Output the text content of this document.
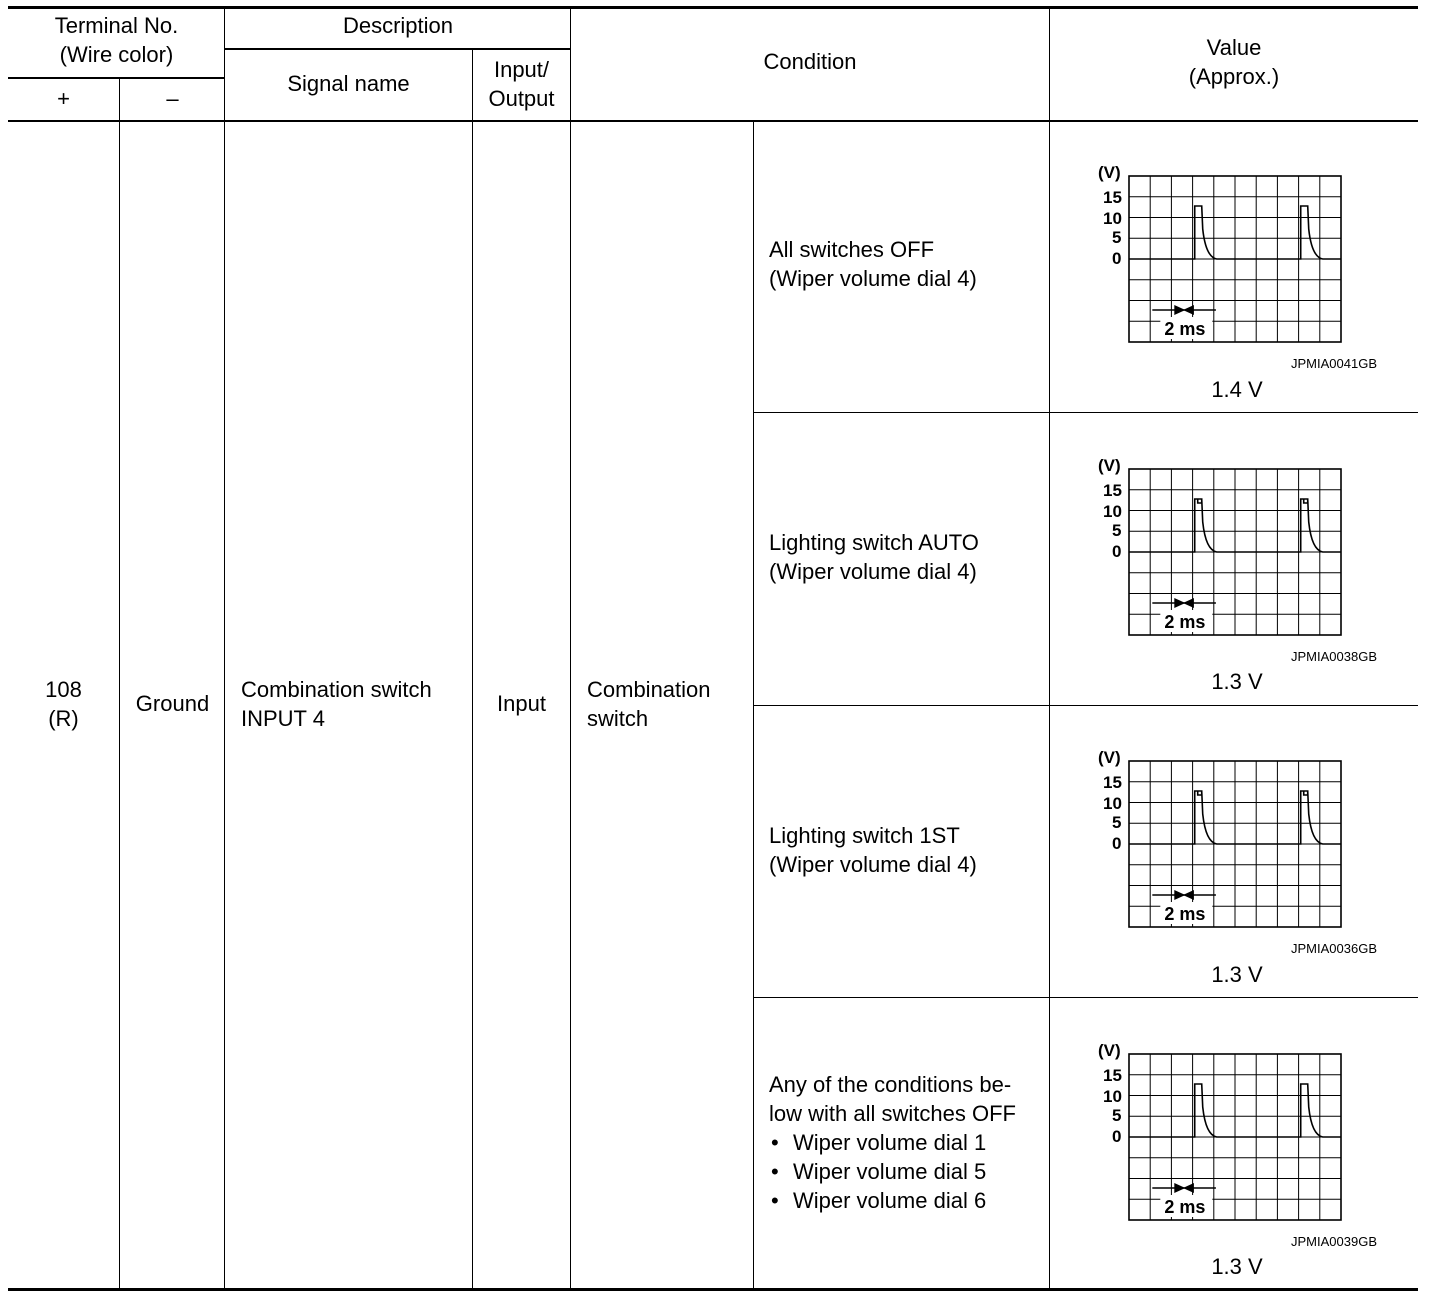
Terminal No.
(Wire color)
+	–
Description
Signal name
Input/
Output
Condition
Value
(Approx.)
108
(R)
Ground
Combination switch
INPUT 4
Input
Combination
switch
All switches OFF
(Wiper volume dial 4)
(V)
15
10
5
0
2 ms
JPMIA0041GB
1.4 V
Lighting switch AUTO
(Wiper volume dial 4)
(V)
15
10
5
0
2 ms
JPMIA0038GB
1.3 V
Lighting switch 1ST
(Wiper volume dial 4)
(V)
15
10
5
0
2 ms
JPMIA0036GB
1.3 V
Any of the conditions be-
low with all switches OFF
• Wiper volume dial 1
• Wiper volume dial 5
• Wiper volume dial 6
(V)
15
10
5
0
2 ms
JPMIA0039GB
1.3 V
